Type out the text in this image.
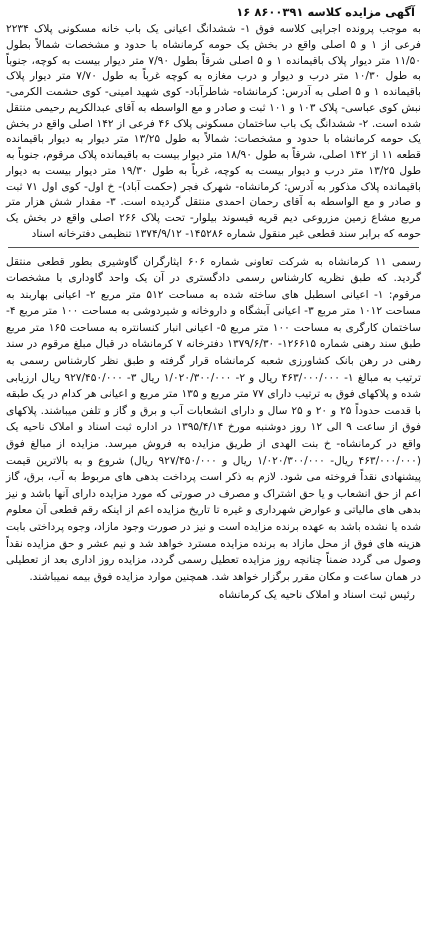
آگهی مزایده کلاسه ۸۶۰۰۳۹۱ ۱۶

به موجب پرونده اجرایی کلاسه فوق ۱- ششدانگ اعیانی یک باب خانه مسکونی پلاک ۲۲۳۴ فرعی از ۱ و ۵ اصلی واقع در بخش یک حومه کرمانشاه با حدود و مشخصات شمالاً بطول ۱۱/۵۰ متر دیوار پلاک باقیمانده ۱ و ۵ اصلی شرقاً بطول ۷/۹۰ متر دیوار بیست به کوچه، جنوباً به طول ۱۰/۳۰ متر درب و دیوار و درب مغازه به کوچه غرباً به طول ۷/۷۰ متر دیوار پلاک باقیمانده ۱ و ۵ اصلی به آدرس: کرمانشاه- شاطرآباد- کوی شهید امینی- کوی حشمت الکرمی- نبش کوی عباسی- پلاک ۱۰۳ و ۱۰۱ ثبت و صادر و مع الواسطه به آقای عبدالکریم رحیمی منتقل شده است. ۲- ششدانگ یک باب ساختمان مسکونی پلاک ۴۶ فرعی از ۱۴۲ اصلی واقع در بخش یک حومه کرمانشاه با حدود و مشخصات: شمالاً به طول ۱۳/۲۵ متر دیوار به دیوار باقیمانده قطعه ۱۱ از ۱۴۲ اصلی، شرقاً به طول ۱۸/۹۰ متر دیوار بیست به باقیمانده پلاک مرقوم، جنوباً به طول ۱۳/۲۵ متر درب و دیوار بیست به کوچه، غرباً به طول ۱۹/۳۰ متر دیوار بیست به دیوار باقیمانده پلاک مذکور به آدرس: کرمانشاه- شهرک فجر (حکمت آباد)- خ اول- کوی اول ۷۱ ثبت و صادر و مع الواسطه به آقای رحمان احمدی منتقل گردیده است. ۳- مقدار شش هزار متر مربع مشاع زمین مزروعی دیم قریه قیسوند بیلوار- تحت پلاک ۲۶۶ اصلی واقع در بخش یک حومه که برابر سند قطعی غیر منقول شماره ۱۴۵۲۸۶- ۱۳۷۴/۹/۱۲ تنظیمی دفترخانه اسناد

رسمی ۱۱ کرمانشاه به شرکت تعاونی شماره ۶۰۶ ایثارگران گاوشیری بطور قطعی منتقل گردید. که طبق نظریه کارشناس رسمی دادگستری در آن یک واحد گاوداری با مشخصات مرقوم: ۱- اعیانی اسطبل های ساخته شده به مساحت ۵۱۲ متر مربع ۲- اعیانی بهاربند به مساحت ۱۰۱۲ متر مربع ۳- اعیانی آبشگاه و داروخانه و شیردوشی به مساحت ۱۰۰ متر مربع ۴- ساختمان کارگری به مساحت ۱۰۰ متر مربع ۵- اعیانی انبار کنسانتره به مساحت ۱۶۵ متر مربع طبق سند رهنی شماره ۱۲۶۶۱۵- ۱۳۷۹/۶/۳۰ دفترخانه ۷ کرمانشاه در قبال مبلغ مرقوم در سند رهنی در رهن بانک کشاورزی شعبه کرمانشاه قرار گرفته و طبق نظر کارشناس رسمی به ترتیب به مبالغ ۱- ۴۶۳/۰۰۰/۰۰۰ ریال و ۲- ۱/۰۲۰/۳۰۰/۰۰۰ ریال ۳- ۹۲۷/۴۵۰/۰۰۰ ریال ارزیابی شده و پلاکهای فوق به ترتیب دارای ۷۷ متر مربع و ۱۳۵ متر مربع و اعیانی هر کدام در یک طبقه با قدمت حدوداً ۲۵ و ۲۰ و ۲۵ سال و دارای انشعابات آب و برق و گاز و تلفن میباشند. پلاکهای فوق از ساعت ۹ الی ۱۲ روز دوشنبه مورخ ۱۳۹۵/۴/۱۴ در اداره ثبت اسناد و املاک ناحیه یک واقع در کرمانشاه- خ بنت الهدی از طریق مزایده به فروش میرسد. مزایده از مبالغ فوق (۴۶۳/۰۰۰/۰۰۰ ریال- ۱/۰۲۰/۳۰۰/۰۰۰ ریال و ۹۲۷/۴۵۰/۰۰۰ ریال) شروع و به بالاترین قیمت پیشنهادی نقداً فروخته می شود. لازم به ذکر است پرداخت بدهی های مربوط به آب، برق، گاز اعم از حق انشعاب و یا حق اشتراک و مصرف در صورتی که مورد مزایده دارای آنها باشد و نیز بدهی های مالیاتی و عوارض شهرداری و غیره تا تاریخ مزایده اعم از اینکه رقم قطعی آن معلوم شده یا نشده باشد به عهده برنده مزایده است و نیز در صورت وجود مازاد، وجوه پرداختی بابت هزینه های فوق از محل مازاد به برنده مزایده مسترد خواهد شد و نیم عشر و حق مزایده نقداً وصول می گردد ضمناً چنانچه روز مزایده تعطیل رسمی گردد، مزایده روز اداری بعد از تعطیلی در همان ساعت و مکان مقرر برگزار خواهد شد. همچنین موارد مزایده فوق بیمه نمیباشند.

رئیس ثبت اسناد و املاک ناحیه یک کرمانشاه
